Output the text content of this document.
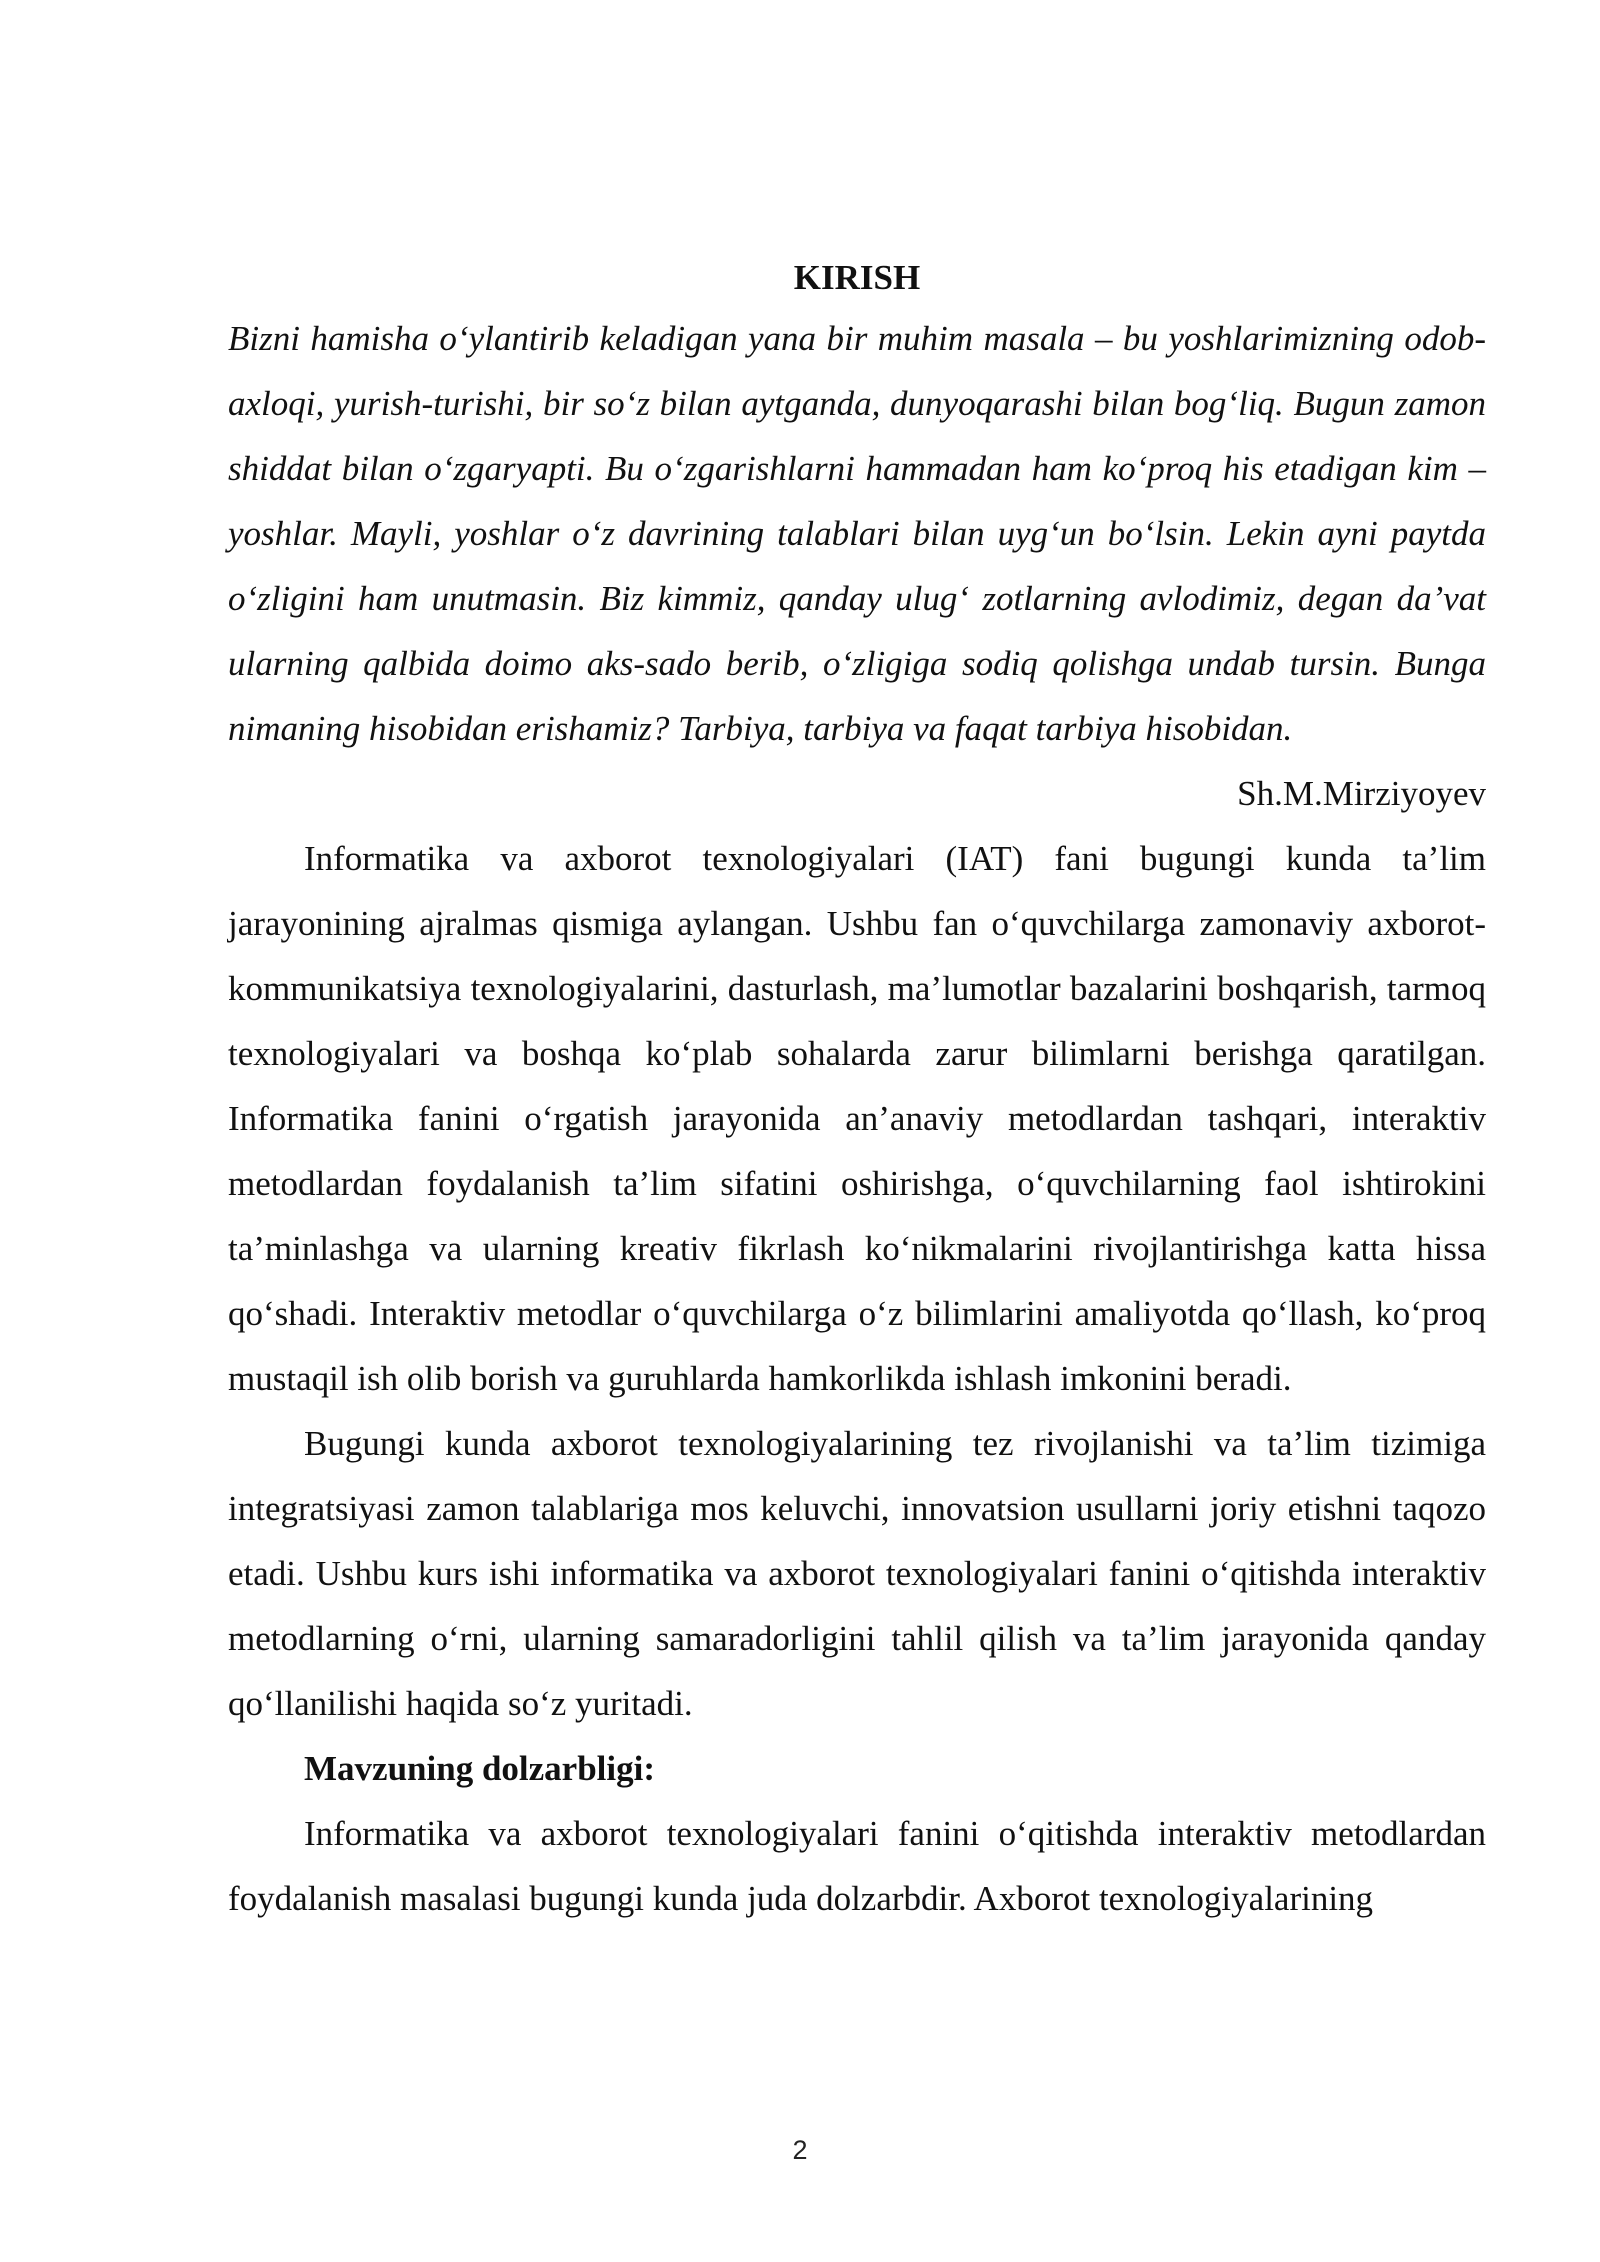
KIRISH

Bizni hamisha o‘ylantirib keladigan yana bir muhim masala – bu yoshlarimizning odob-axloqi, yurish-turishi, bir so‘z bilan aytganda, dunyoqarashi bilan bog‘liq. Bugun zamon shiddat bilan o‘zgaryapti. Bu o‘zgarishlarni hammadan ham ko‘proq his etadigan kim – yoshlar. Mayli, yoshlar o‘z davrining talablari bilan uyg‘un bo‘lsin. Lekin ayni paytda o‘zligini ham unutmasin. Biz kimmiz, qanday ulug‘ zotlarning avlodimiz, degan da’vat ularning qalbida doimo aks-sado berib, o‘zligiga sodiq qolishga undab tursin. Bunga nimaning hisobidan erishamiz? Tarbiya, tarbiya va faqat tarbiya hisobidan.

Sh.M.Mirziyoyev

Informatika va axborot texnologiyalari (IAT) fani bugungi kunda ta’lim jarayonining ajralmas qismiga aylangan. Ushbu fan o‘quvchilarga zamonaviy axborot-kommunikatsiya texnologiyalarini, dasturlash, ma’lumotlar bazalarini boshqarish, tarmoq texnologiyalari va boshqa ko‘plab sohalarda zarur bilimlarni berishga qaratilgan. Informatika fanini o‘rgatish jarayonida an’anaviy metodlardan tashqari, interaktiv metodlardan foydalanish ta’lim sifatini oshirishga, o‘quvchilarning faol ishtirokini ta’minlashga va ularning kreativ fikrlash ko‘nikmalarini rivojlantirishga katta hissa qo‘shadi. Interaktiv metodlar o‘quvchilarga o‘z bilimlarini amaliyotda qo‘llash, ko‘proq mustaqil ish olib borish va guruhlarda hamkorlikda ishlash imkonini beradi.

Bugungi kunda axborot texnologiyalarining tez rivojlanishi va ta’lim tizimiga integratsiyasi zamon talablariga mos keluvchi, innovatsion usullarni joriy etishni taqozo etadi. Ushbu kurs ishi informatika va axborot texnologiyalari fanini o‘qitishda interaktiv metodlarning o‘rni, ularning samaradorligini tahlil qilish va ta’lim jarayonida qanday qo‘llanilishi haqida so‘z yuritadi.

Mavzuning dolzarbligi:

Informatika va axborot texnologiyalari fanini o‘qitishda interaktiv metodlardan foydalanish masalasi bugungi kunda juda dolzarbdir. Axborot texnologiyalarining

2
